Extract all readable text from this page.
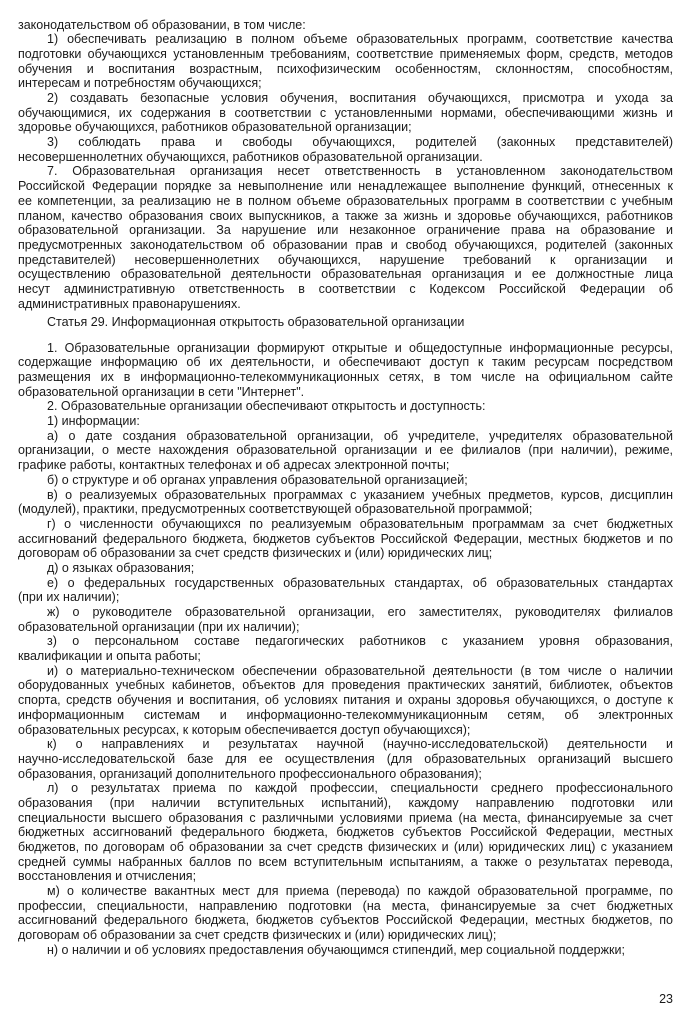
законодательством об образовании, в том числе:
1) обеспечивать реализацию в полном объеме образовательных программ, соответствие качества
подготовки обучающихся установленным требованиям, соответствие применяемых форм, средств, методов
обучения и воспитания возрастным, психофизическим особенностям, склонностям, способностям,
интересам и потребностям обучающихся;
2) создавать безопасные условия обучения, воспитания обучающихся, присмотра и ухода за
обучающимися, их содержания в соответствии с установленными нормами, обеспечивающими жизнь и
здоровье обучающихся, работников образовательной организации;
3) соблюдать права и свободы обучающихся, родителей (законных представителей)
несовершеннолетних обучающихся, работников образовательной организации.
7. Образовательная организация несет ответственность в установленном законодательством
Российской Федерации порядке за невыполнение или ненадлежащее выполнение функций, отнесенных к
ее компетенции, за реализацию не в полном объеме образовательных программ в соответствии с учебным
планом, качество образования своих выпускников, а также за жизнь и здоровье обучающихся, работников
образовательной организации. За нарушение или незаконное ограничение права на образование и
предусмотренных законодательством об образовании прав и свобод обучающихся, родителей (законных
представителей) несовершеннолетних обучающихся, нарушение требований к организации и
осуществлению образовательной деятельности образовательная организация и ее должностные лица
несут административную ответственность в соответствии с Кодексом Российской Федерации об
административных правонарушениях.
Статья 29. Информационная открытость образовательной организации
1. Образовательные организации формируют открытые и общедоступные информационные ресурсы,
содержащие информацию об их деятельности, и обеспечивают доступ к таким ресурсам посредством
размещения их в информационно-телекоммуникационных сетях, в том числе на официальном сайте
образовательной организации в сети "Интернет".
2. Образовательные организации обеспечивают открытость и доступность:
1) информации:
а) о дате создания образовательной организации, об учредителе, учредителях образовательной
организации, о месте нахождения образовательной организации и ее филиалов (при наличии), режиме,
графике работы, контактных телефонах и об адресах электронной почты;
б) о структуре и об органах управления образовательной организацией;
в) о реализуемых образовательных программах с указанием учебных предметов, курсов, дисциплин
(модулей), практики, предусмотренных соответствующей образовательной программой;
г) о численности обучающихся по реализуемым образовательным программам за счет бюджетных
ассигнований федерального бюджета, бюджетов субъектов Российской Федерации, местных бюджетов и по
договорам об образовании за счет средств физических и (или) юридических лиц;
д) о языках образования;
е) о федеральных государственных образовательных стандартах, об образовательных стандартах
(при их наличии);
ж) о руководителе образовательной организации, его заместителях, руководителях филиалов
образовательной организации (при их наличии);
з) о персональном составе педагогических работников с указанием уровня образования,
квалификации и опыта работы;
и) о материально-техническом обеспечении образовательной деятельности (в том числе о наличии
оборудованных учебных кабинетов, объектов для проведения практических занятий, библиотек, объектов
спорта, средств обучения и воспитания, об условиях питания и охраны здоровья обучающихся, о доступе к
информационным системам и информационно-телекоммуникационным сетям, об электронных
образовательных ресурсах, к которым обеспечивается доступ обучающихся);
к) о направлениях и результатах научной (научно-исследовательской) деятельности и
научно-исследовательской базе для ее осуществления (для образовательных организаций высшего
образования, организаций дополнительного профессионального образования);
л) о результатах приема по каждой профессии, специальности среднего профессионального
образования (при наличии вступительных испытаний), каждому направлению подготовки или
специальности высшего образования с различными условиями приема (на места, финансируемые за счет
бюджетных ассигнований федерального бюджета, бюджетов субъектов Российской Федерации, местных
бюджетов, по договорам об образовании за счет средств физических и (или) юридических лиц) с указанием
средней суммы набранных баллов по всем вступительным испытаниям, а также о результатах перевода,
восстановления и отчисления;
м) о количестве вакантных мест для приема (перевода) по каждой образовательной программе, по
профессии, специальности, направлению подготовки (на места, финансируемые за счет бюджетных
ассигнований федерального бюджета, бюджетов субъектов Российской Федерации, местных бюджетов, по
договорам об образовании за счет средств физических и (или) юридических лиц);
н) о наличии и об условиях предоставления обучающимся стипендий, мер социальной поддержки;
23
